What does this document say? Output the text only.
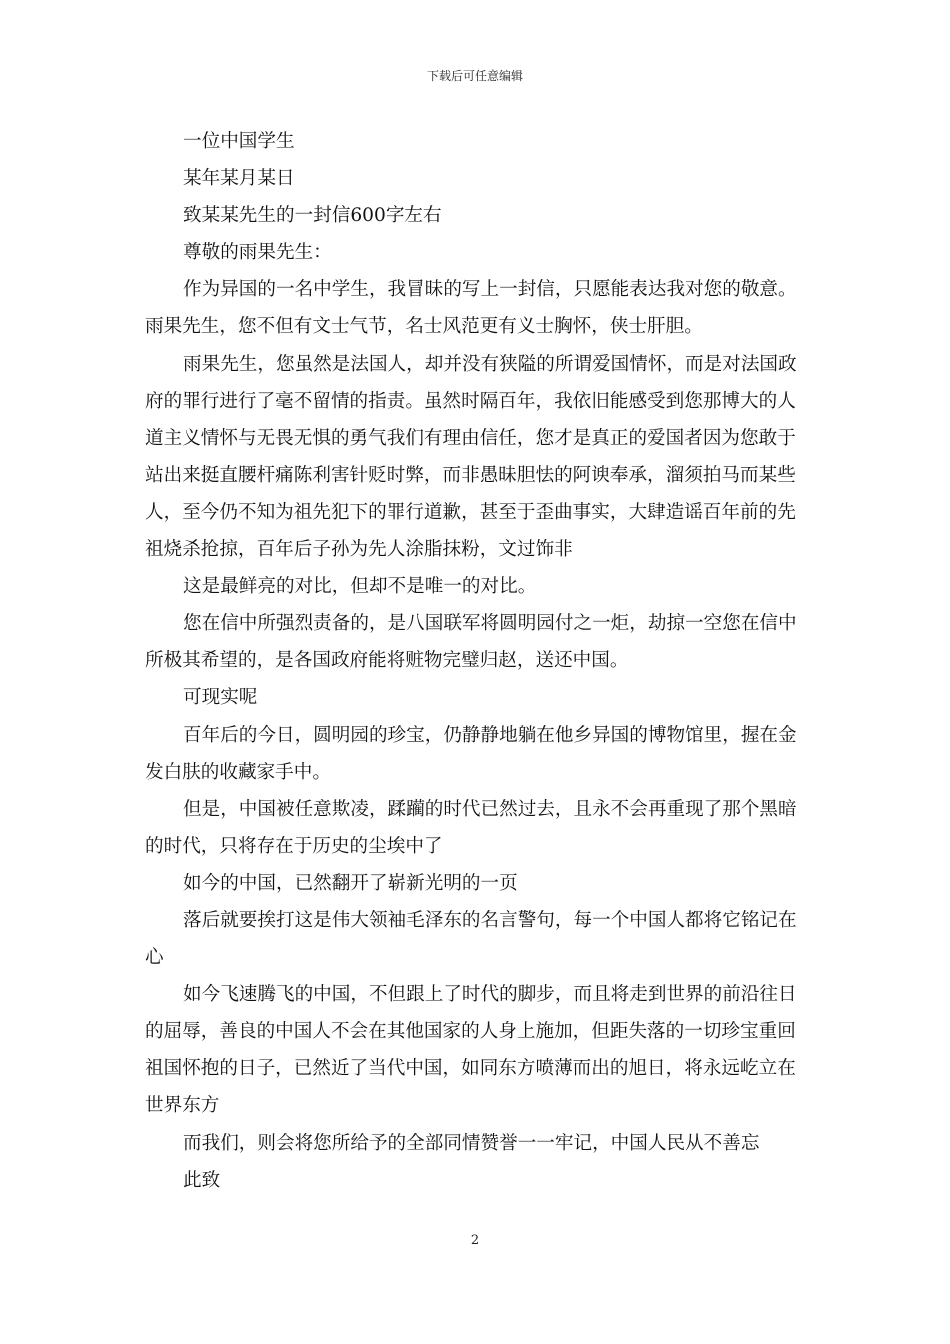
下载后可任意编辑

一位中国学生

某年某月某日

致某某先生的一封信600字左右

尊敬的雨果先生：

作为异国的一名中学生，我冒昧的写上一封信，只愿能表达我对您的敬意。雨果先生，您不但有文士气节，名士风范更有义士胸怀，侠士肝胆。

雨果先生，您虽然是法国人，却并没有狭隘的所谓爱国情怀，而是对法国政府的罪行进行了毫不留情的指责。虽然时隔百年，我依旧能感受到您那博大的人道主义情怀与无畏无惧的勇气我们有理由信任，您才是真正的爱国者因为您敢于站出来挺直腰杆痛陈利害针贬时弊，而非愚昧胆怯的阿谀奉承，溜须拍马而某些人，至今仍不知为祖先犯下的罪行道歉，甚至于歪曲事实，大肆造谣百年前的先祖烧杀抢掠，百年后子孙为先人涂脂抹粉，文过饰非

这是最鲜亮的对比，但却不是唯一的对比。

您在信中所强烈责备的，是八国联军将圆明园付之一炬，劫掠一空您在信中所极其希望的，是各国政府能将赃物完璧归赵，送还中国。

可现实呢

百年后的今日，圆明园的珍宝，仍静静地躺在他乡异国的博物馆里，握在金发白肤的收藏家手中。

但是，中国被任意欺凌，蹂躏的时代已然过去，且永不会再重现了那个黑暗的时代，只将存在于历史的尘埃中了

如今的中国，已然翻开了崭新光明的一页

落后就要挨打这是伟大领袖毛泽东的名言警句，每一个中国人都将它铭记在心

如今飞速腾飞的中国，不但跟上了时代的脚步，而且将走到世界的前沿往日的屈辱，善良的中国人不会在其他国家的人身上施加，但距失落的一切珍宝重回祖国怀抱的日子，已然近了当代中国，如同东方喷薄而出的旭日，将永远屹立在世界东方

而我们，则会将您所给予的全部同情赞誉一一牢记，中国人民从不善忘

此致

2
